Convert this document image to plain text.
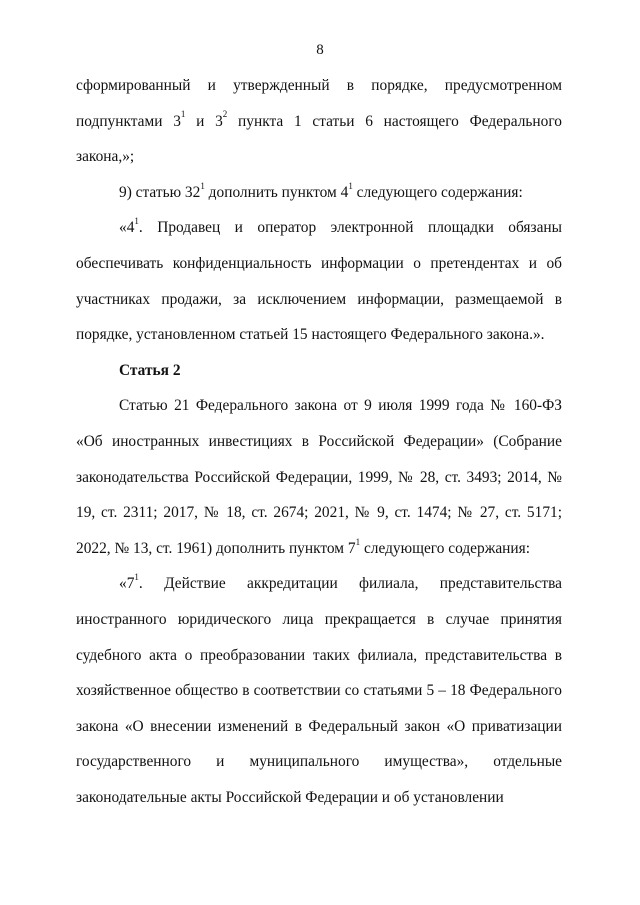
8

сформированный и утвержденный в порядке, предусмотренном

подпунктами $3^1$ и $3^2$ пункта 1 статьи 6 настоящего Федерального закона,»;

9) статью $32^1$ дополнить пунктом $4^1$ следующего содержания:

«$4^1$. Продавец и оператор электронной площадки обязаны обеспечивать конфиденциальность информации о претендентах и об участниках продажи, за исключением информации, размещаемой в порядке, установленном статьей 15 настоящего Федерального закона.».

Статья 2

Статью 21 Федерального закона от 9 июля 1999 года № 160-ФЗ «Об иностранных инвестициях в Российской Федерации» (Собрание законодательства Российской Федерации, 1999, № 28, ст. 3493; 2014, № 19, ст. 2311; 2017, № 18, ст. 2674; 2021, № 9, ст. 1474; № 27, ст. 5171; 2022, № 13, ст. 1961) дополнить пунктом $7^1$ следующего содержания:

«$7^1$. Действие аккредитации филиала, представительства иностранного юридического лица прекращается в случае принятия судебного акта о преобразовании таких филиала, представительства в хозяйственное общество в соответствии со статьями 5 – 18 Федерального закона «О внесении изменений в Федеральный закон «О приватизации государственного и муниципального имущества», отдельные законодательные акты Российской Федерации и об установлении
